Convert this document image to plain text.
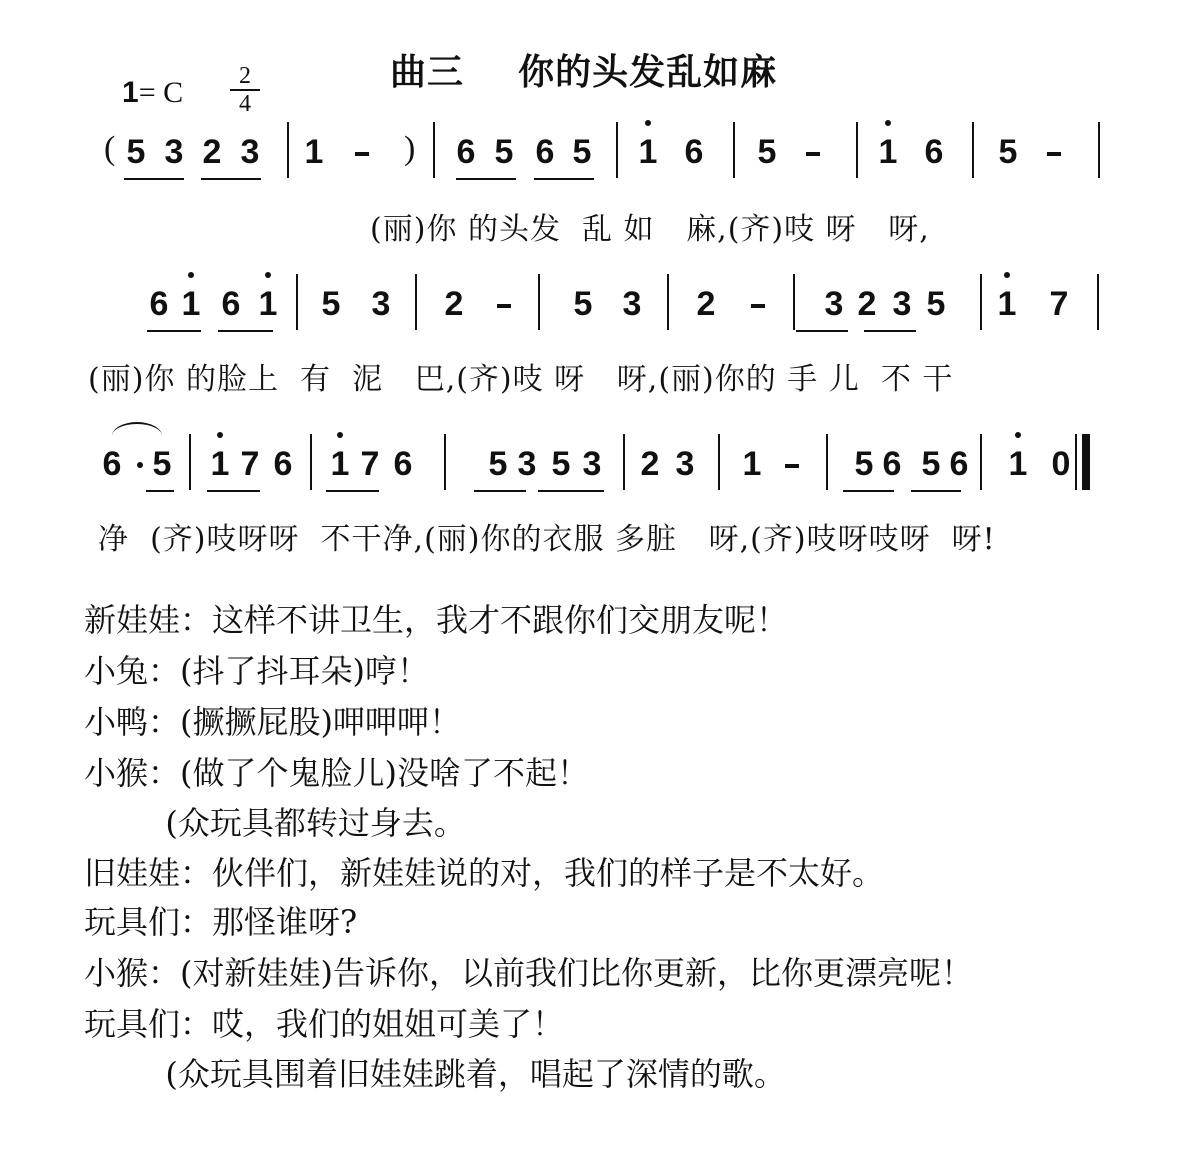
曲三    你的头发乱如麻
1= C $\frac{2}{4}$
( 5 3 2 3 1 ) 6 5 6 5 1 6 5	1 6 5
(丽)你 的头发  乱 如   麻,(齐)吱 呀   呀,
6 1 6 1 5 3 2	5 3 2	3 2 3 5 1 7
(丽)你 的脸上  有  泥   巴,(齐)吱 呀   呀,(丽)你的 手 儿  不 干
6 5 1 7 6 1 7 6 5 3 5 3 2 3 1	5 6 5 6 1 0
净  (齐)吱呀呀  不干净,(丽)你的衣服 多脏   呀,(齐)吱呀吱呀  呀!
新娃娃：这样不讲卫生，我才不跟你们交朋友呢！
小兔：(抖了抖耳朵)哼！
小鸭：(撅撅屁股)呷呷呷！
小猴：(做了个鬼脸儿)没啥了不起！
(众玩具都转过身去。
旧娃娃：伙伴们，新娃娃说的对，我们的样子是不太好。
玩具们：那怪谁呀?
小猴：(对新娃娃)告诉你，以前我们比你更新，比你更漂亮呢！
玩具们：哎，我们的姐姐可美了！
(众玩具围着旧娃娃跳着，唱起了深情的歌。
